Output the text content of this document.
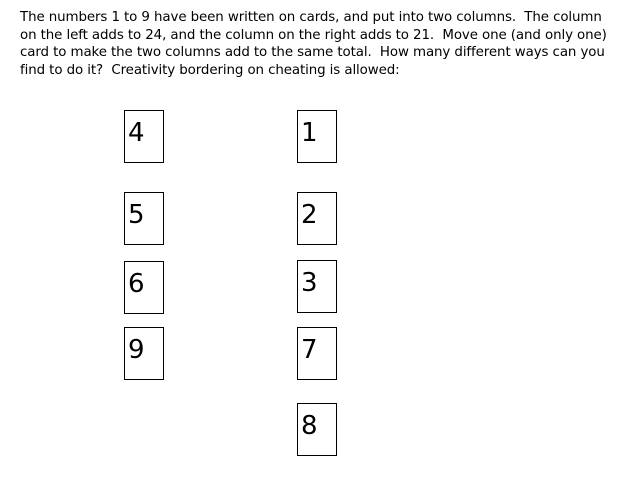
The numbers 1 to 9 have been written on cards, and put into two columns.  The column on the left adds to 24, and the column on the right adds to 21.  Move one (and only one) card to make the two columns add to the same total.  How many different ways can you find to do it?  Creativity bordering on cheating is allowed:

4
5
6
9
1
2
3
7
8
